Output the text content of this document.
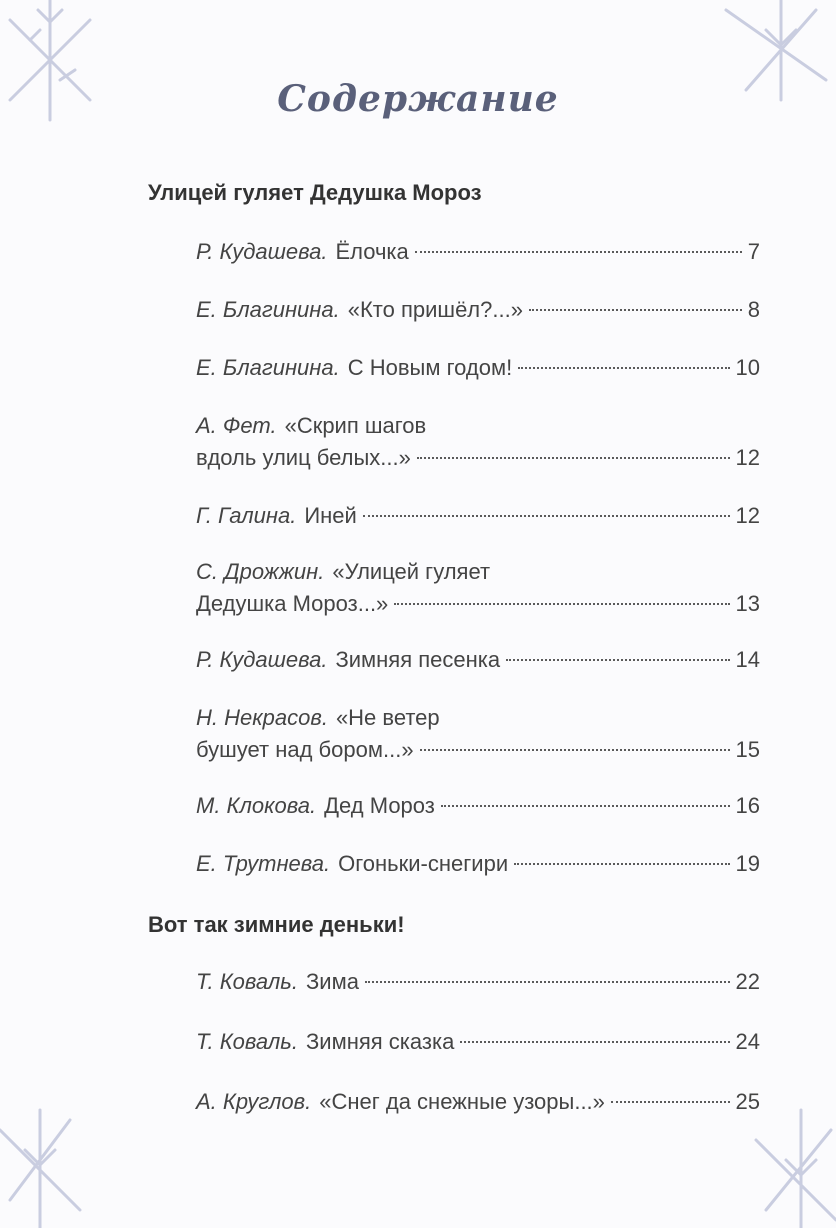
Содержание
Улицей гуляет Дедушка Мороз
Р. Кудашева. Ёлочка	7
Е. Благинина. «Кто пришёл?...»	8
Е. Благинина. С Новым годом!	10
А. Фет. «Скрип шагов
вдоль улиц белых...»	12
Г. Галина. Иней	12
С. Дрожжин. «Улицей гуляет
Дедушка Мороз...»	13
Р. Кудашева. Зимняя песенка	14
Н. Некрасов. «Не ветер
бушует над бором...»	15
М. Клокова. Дед Мороз	16
Е. Трутнева. Огоньки-снегири	19
Вот так зимние деньки!
Т. Коваль. Зима	22
Т. Коваль. Зимняя сказка	24
А. Круглов. «Снег да снежные узоры...»	25
